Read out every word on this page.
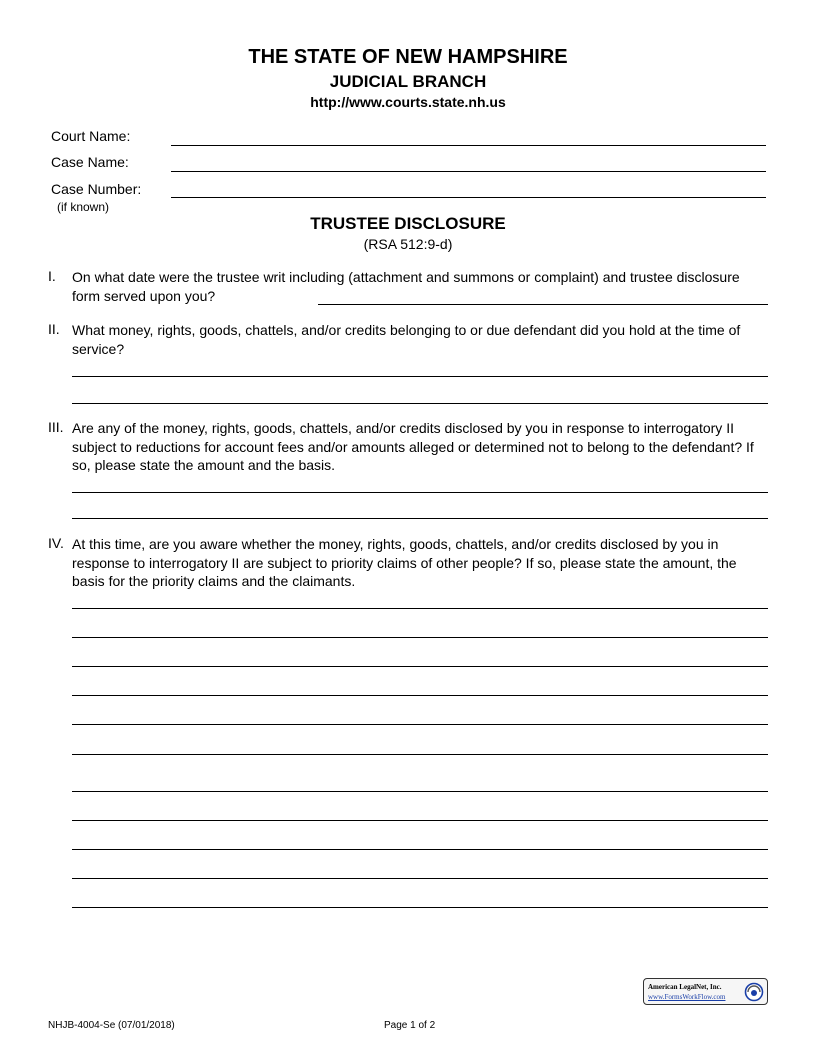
THE STATE OF NEW HAMPSHIRE
JUDICIAL BRANCH
http://www.courts.state.nh.us
Court Name:
Case Name:
Case Number:
(if known)
TRUSTEE DISCLOSURE
(RSA 512:9-d)
I. On what date were the trustee writ including (attachment and summons or complaint) and trustee disclosure form served upon you?
II. What money, rights, goods, chattels, and/or credits belonging to or due defendant did you hold at the time of service?
III. Are any of the money, rights, goods, chattels, and/or credits disclosed by you in response to interrogatory II subject to reductions for account fees and/or amounts alleged or determined not to belong to the defendant? If so, please state the amount and the basis.
IV. At this time, are you aware whether the money, rights, goods, chattels, and/or credits disclosed by you in response to interrogatory II are subject to priority claims of other people? If so, please state the amount, the basis for the priority claims and the claimants.
American LegalNet, Inc.
www.FormsWorkFlow.com
NHJB-4004-Se (07/01/2018)	Page 1 of 2
